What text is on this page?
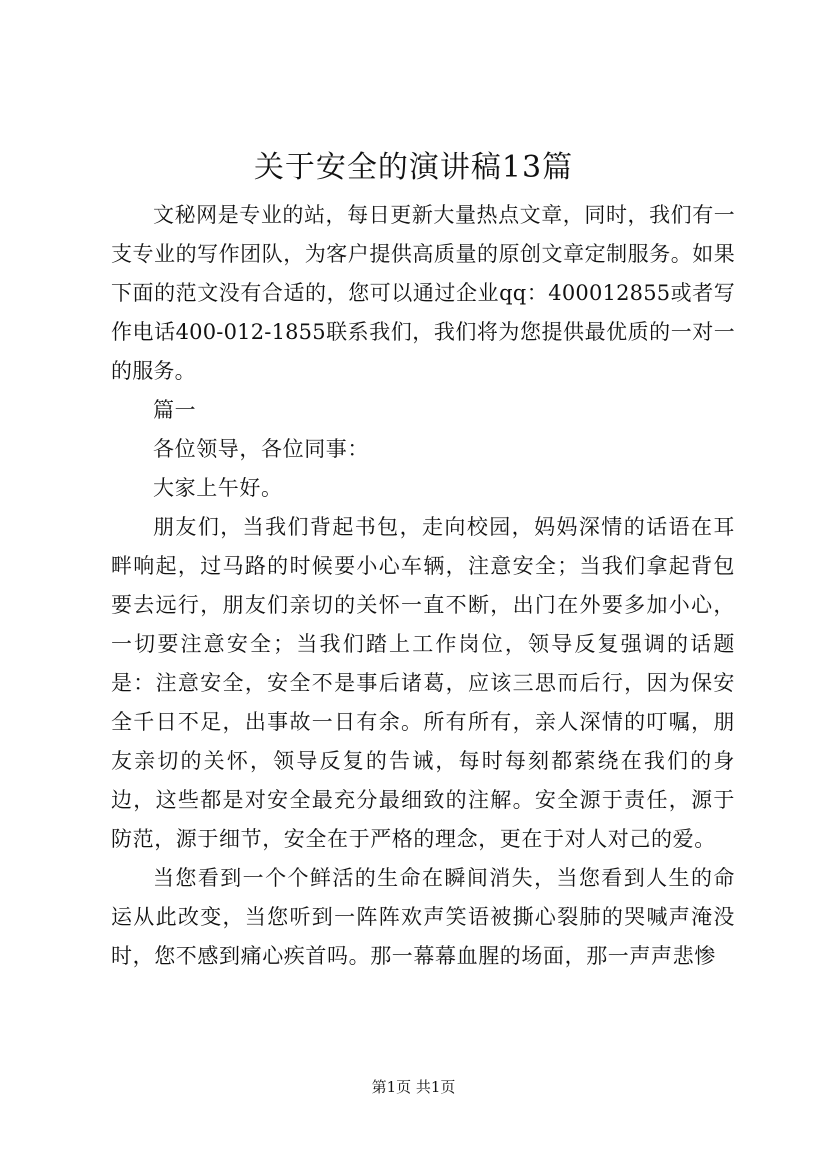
关于安全的演讲稿13篇

文秘网是专业的站，每日更新大量热点文章，同时，我们有一支专业的写作团队，为客户提供高质量的原创文章定制服务。如果下面的范文没有合适的，您可以通过企业qq：400012855或者写作电话400-012-1855联系我们，我们将为您提供最优质的一对一的服务。

篇一

各位领导，各位同事：

大家上午好。

朋友们，当我们背起书包，走向校园，妈妈深情的话语在耳畔响起，过马路的时候要小心车辆，注意安全；当我们拿起背包要去远行，朋友们亲切的关怀一直不断，出门在外要多加小心，一切要注意安全；当我们踏上工作岗位，领导反复强调的话题是：注意安全，安全不是事后诸葛，应该三思而后行，因为保安全千日不足，出事故一日有余。所有所有，亲人深情的叮嘱，朋友亲切的关怀，领导反复的告诫，每时每刻都萦绕在我们的身边，这些都是对安全最充分最细致的注解。安全源于责任，源于防范，源于细节，安全在于严格的理念，更在于对人对己的爱。

当您看到一个个鲜活的生命在瞬间消失，当您看到人生的命运从此改变，当您听到一阵阵欢声笑语被撕心裂肺的哭喊声淹没时，您不感到痛心疾首吗。那一幕幕血腥的场面，那一声声悲惨

第1页 共1页
